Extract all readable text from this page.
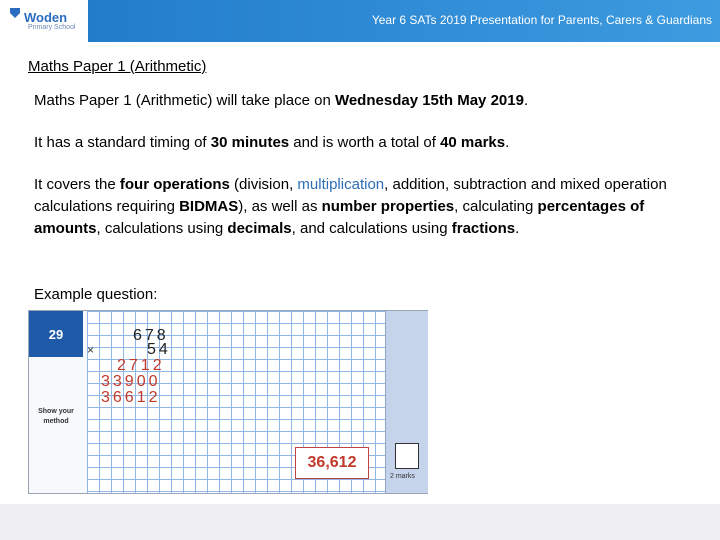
Woden
Primary School
Year 6 SATs 2019 Presentation for Parents, Carers & Guardians
Maths Paper 1 (Arithmetic)
Maths Paper 1 (Arithmetic) will take place on Wednesday 15th May 2019.
It has a standard timing of 30 minutes and is worth a total of 40 marks.
It covers the four operations (division, multiplication, addition, subtraction and mixed operation calculations requiring BIDMAS), as well as number properties, calculating percentages of amounts, calculations using decimals, and calculations using fractions.
Example question:
29
Show your method
×
678
54
2712
33900
36612
36,612
2 marks
